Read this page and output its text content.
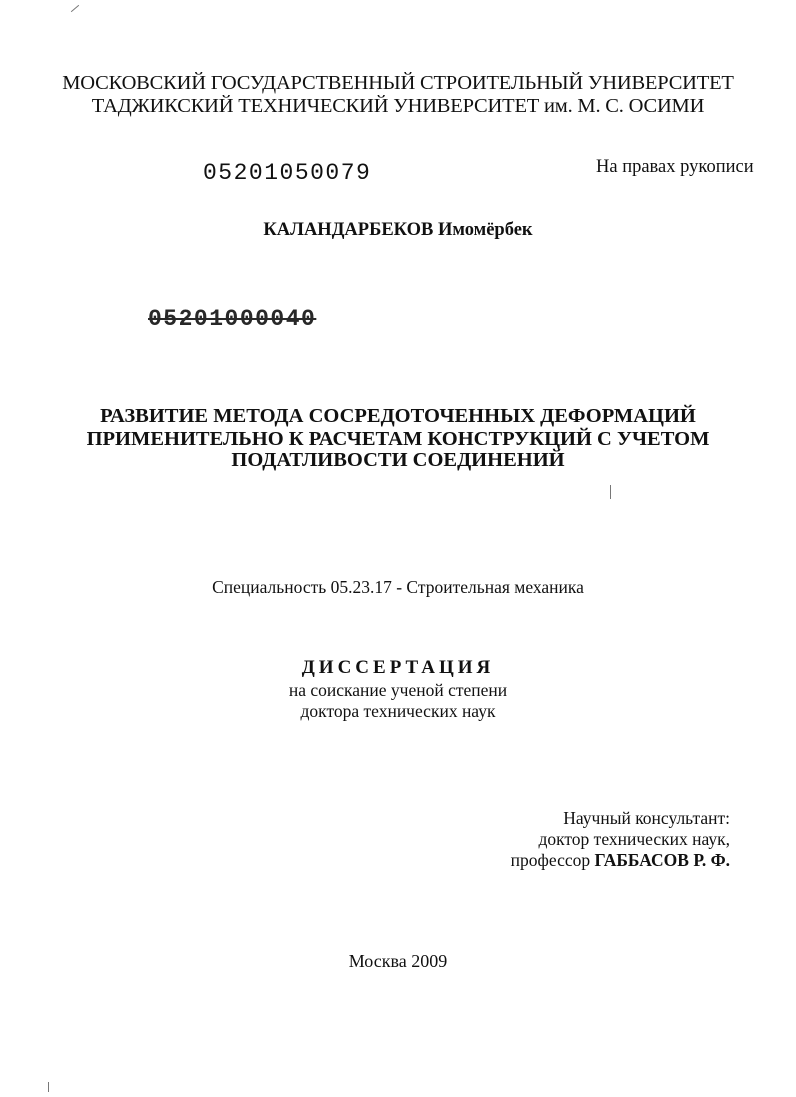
МОСКОВСКИЙ ГОСУДАРСТВЕННЫЙ СТРОИТЕЛЬНЫЙ УНИВЕРСИТЕТ
ТАДЖИКСКИЙ ТЕХНИЧЕСКИЙ УНИВЕРСИТЕТ им. М. С. ОСИМИ
05201050079	На правах рукописи
КАЛАНДАРБЕКОВ Имомёрбек
05201000040
РАЗВИТИЕ МЕТОДА СОСРЕДОТОЧЕННЫХ ДЕФОРМАЦИЙ
ПРИМЕНИТЕЛЬНО К РАСЧЕТАМ КОНСТРУКЦИЙ С УЧЕТОМ
ПОДАТЛИВОСТИ СОЕДИНЕНИЙ
Специальность 05.23.17 - Строительная механика
ДИССЕРТАЦИЯ
на соискание ученой степени
доктора технических наук
Научный консультант:
доктор технических наук,
профессор ГАББАСОВ Р. Ф.
Москва 2009
